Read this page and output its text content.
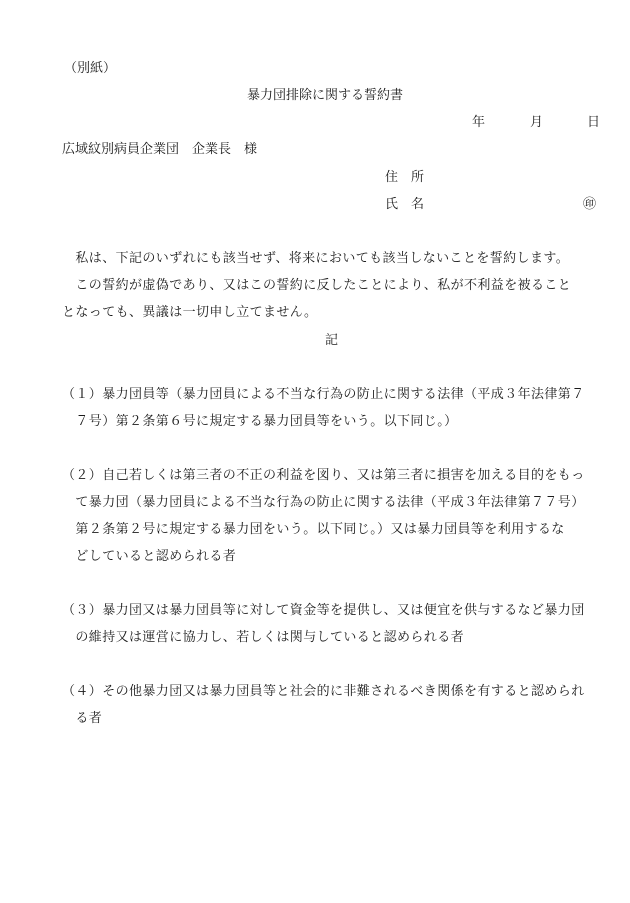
（別紙）
暴力団排除に関する誓約書
年	月	日
広域紋別病員企業団　企業長　様
住　所
氏　名	㊞
　私は、下記のいずれにも該当せず、将来においても該当しないことを誓約します。
　この誓約が虚偽であり、又はこの誓約に反したことにより、私が不利益を被ること
となっても、異議は一切申し立てません。
記
（１）暴力団員等（暴力団員による不当な行為の防止に関する法律（平成３年法律第７
　７号）第２条第６号に規定する暴力団員等をいう。以下同じ。）
（２）自己若しくは第三者の不正の利益を図り、又は第三者に損害を加える目的をもっ
　て暴力団（暴力団員による不当な行為の防止に関する法律（平成３年法律第７７号）
　第２条第２号に規定する暴力団をいう。以下同じ。）又は暴力団員等を利用するな
　どしていると認められる者
（３）暴力団又は暴力団員等に対して資金等を提供し、又は便宜を供与するなど暴力団
　の維持又は運営に協力し、若しくは関与していると認められる者
（４）その他暴力団又は暴力団員等と社会的に非難されるべき関係を有すると認められ
　る者
